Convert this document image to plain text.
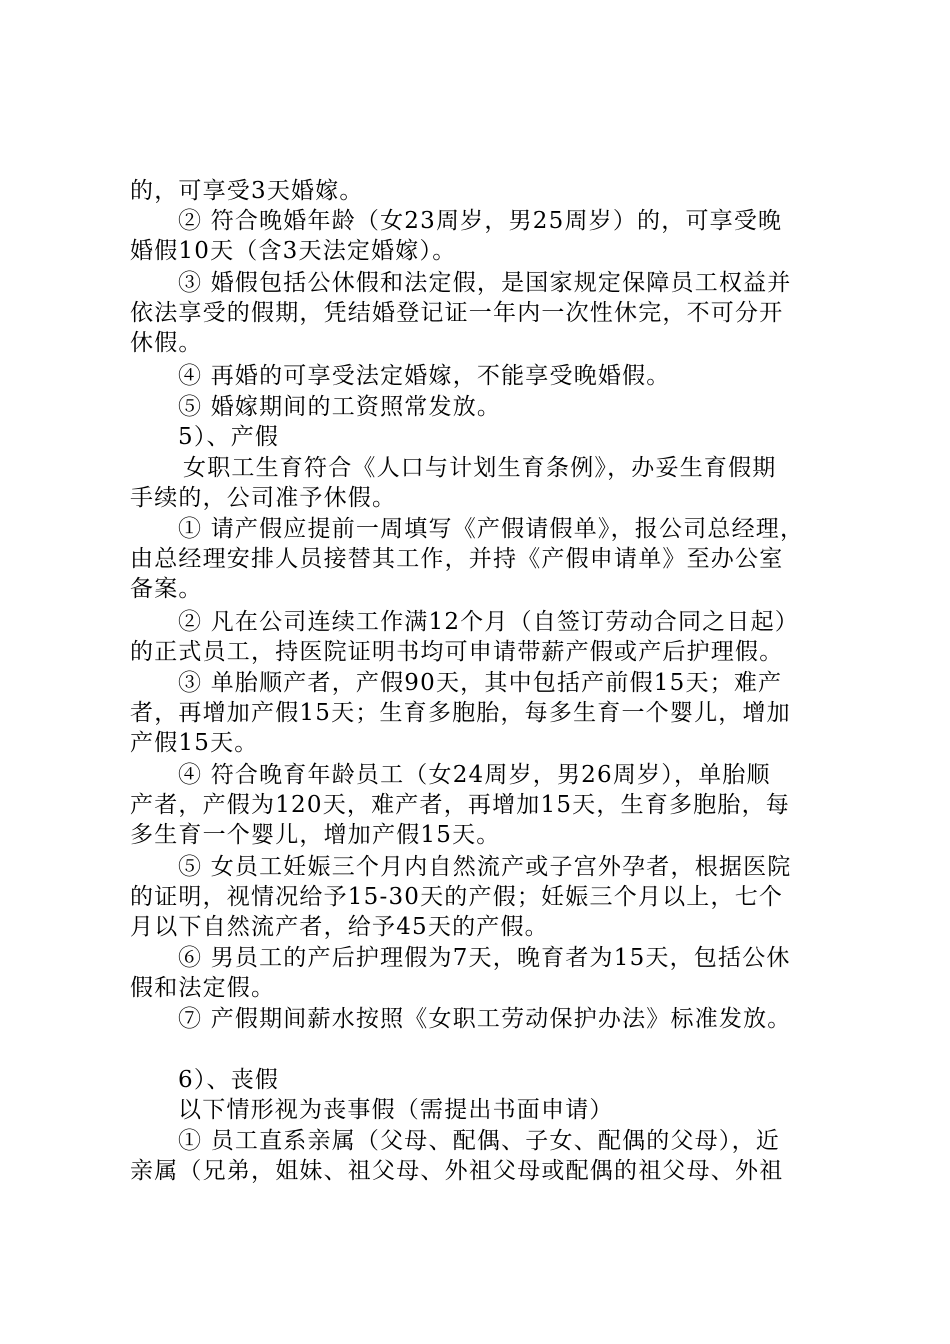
的，可享受3天婚嫁。
② 符合晚婚年龄（女23周岁，男25周岁）的，可享受晚
婚假10天（含3天法定婚嫁）。
③ 婚假包括公休假和法定假，是国家规定保障员工权益并
依法享受的假期，凭结婚登记证一年内一次性休完，不可分开
休假。
④ 再婚的可享受法定婚嫁，不能享受晚婚假。
⑤ 婚嫁期间的工资照常发放。
5）、产假
女职工生育符合《人口与计划生育条例》，办妥生育假期
手续的，公司准予休假。
① 请产假应提前一周填写《产假请假单》，报公司总经理，
由总经理安排人员接替其工作，并持《产假申请单》至办公室
备案。
② 凡在公司连续工作满12个月（自签订劳动合同之日起）
的正式员工，持医院证明书均可申请带薪产假或产后护理假。
③ 单胎顺产者，产假90天，其中包括产前假15天；难产
者，再增加产假15天；生育多胞胎，每多生育一个婴儿，增加
产假15天。
④ 符合晚育年龄员工（女24周岁，男26周岁），单胎顺
产者，产假为120天，难产者，再增加15天，生育多胞胎，每
多生育一个婴儿，增加产假15天。
⑤ 女员工妊娠三个月内自然流产或子宫外孕者，根据医院
的证明，视情况给予15-30天的产假；妊娠三个月以上，七个
月以下自然流产者，给予45天的产假。
⑥ 男员工的产后护理假为7天，晚育者为15天，包括公休
假和法定假。
⑦ 产假期间薪水按照《女职工劳动保护办法》标准发放。
6）、丧假
以下情形视为丧事假（需提出书面申请）
① 员工直系亲属（父母、配偶、子女、配偶的父母），近
亲属（兄弟，姐妹、祖父母、外祖父母或配偶的祖父母、外祖
